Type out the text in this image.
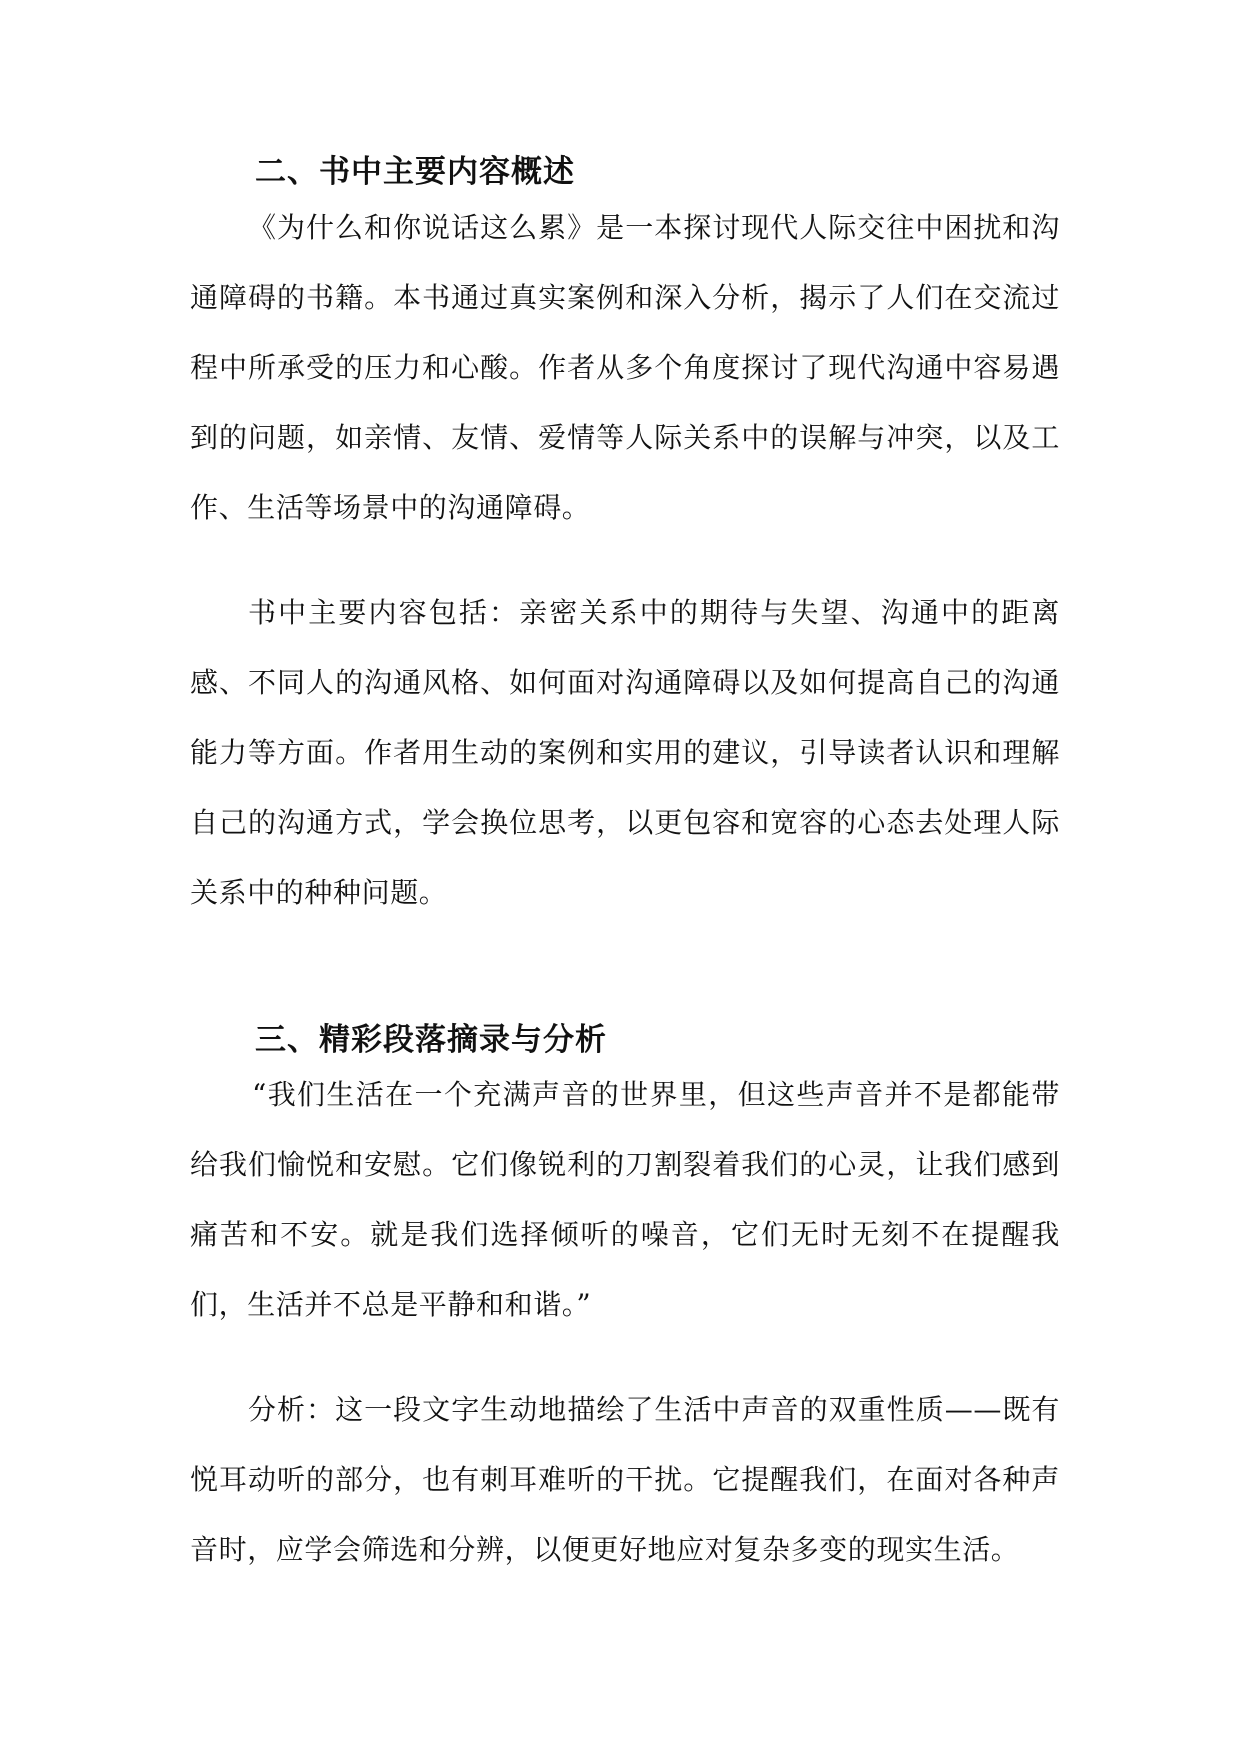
二、书中主要内容概述
《为什么和你说话这么累》是一本探讨现代人际交往中困扰和沟通障碍的书籍。本书通过真实案例和深入分析，揭示了人们在交流过程中所承受的压力和心酸。作者从多个角度探讨了现代沟通中容易遇到的问题，如亲情、友情、爱情等人际关系中的误解与冲突，以及工作、生活等场景中的沟通障碍。
书中主要内容包括：亲密关系中的期待与失望、沟通中的距离感、不同人的沟通风格、如何面对沟通障碍以及如何提高自己的沟通能力等方面。作者用生动的案例和实用的建议，引导读者认识和理解自己的沟通方式，学会换位思考，以更包容和宽容的心态去处理人际关系中的种种问题。
三、精彩段落摘录与分析
“我们生活在一个充满声音的世界里，但这些声音并不是都能带给我们愉悦和安慰。它们像锐利的刀割裂着我们的心灵，让我们感到痛苦和不安。就是我们选择倾听的噪音，它们无时无刻不在提醒我们，生活并不总是平静和和谐。”
分析：这一段文字生动地描绘了生活中声音的双重性质——既有悦耳动听的部分，也有刺耳难听的干扰。它提醒我们，在面对各种声音时，应学会筛选和分辨，以便更好地应对复杂多变的现实生活。
